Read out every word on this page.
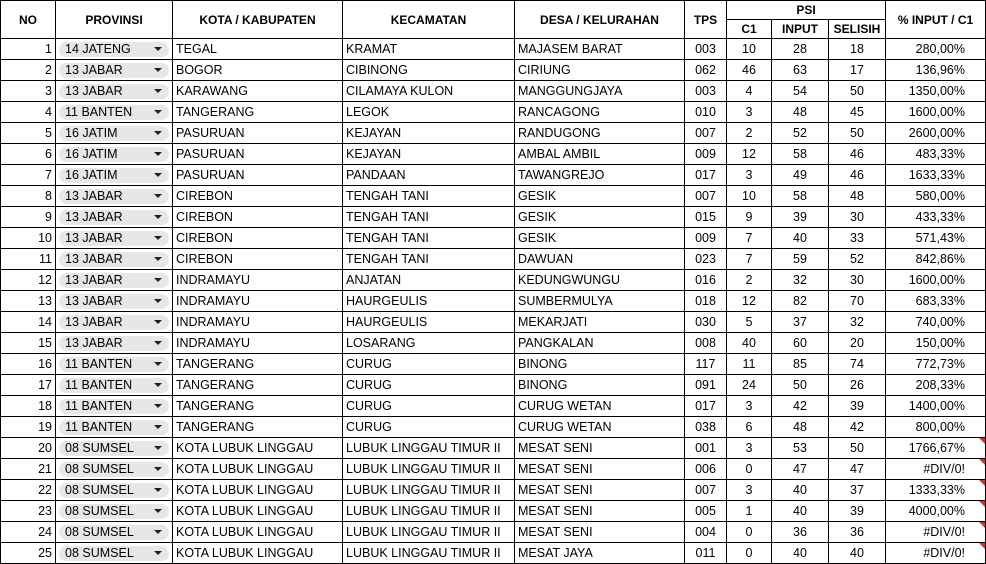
NO	PROVINSI	KOTA / KABUPATEN	KECAMATAN	DESA / KELURAHAN	TPS	PSI			% INPUT / C1
						C1	INPUT	SELISIH	
1	14 JATENG	TEGAL	KRAMAT	MAJASEM BARAT	003	10	28	18	280,00%
2	13 JABAR	BOGOR	CIBINONG	CIRIUNG	062	46	63	17	136,96%
3	13 JABAR	KARAWANG	CILAMAYA KULON	MANGGUNGJAYA	003	4	54	50	1350,00%
4	11 BANTEN	TANGERANG	LEGOK	RANCAGONG	010	3	48	45	1600,00%
5	16 JATIM	PASURUAN	KEJAYAN	RANDUGONG	007	2	52	50	2600,00%
6	16 JATIM	PASURUAN	KEJAYAN	AMBAL AMBIL	009	12	58	46	483,33%
7	16 JATIM	PASURUAN	PANDAAN	TAWANGREJO	017	3	49	46	1633,33%
8	13 JABAR	CIREBON	TENGAH TANI	GESIK	007	10	58	48	580,00%
9	13 JABAR	CIREBON	TENGAH TANI	GESIK	015	9	39	30	433,33%
10	13 JABAR	CIREBON	TENGAH TANI	GESIK	009	7	40	33	571,43%
11	13 JABAR	CIREBON	TENGAH TANI	DAWUAN	023	7	59	52	842,86%
12	13 JABAR	INDRAMAYU	ANJATAN	KEDUNGWUNGU	016	2	32	30	1600,00%
13	13 JABAR	INDRAMAYU	HAURGEULIS	SUMBERMULYA	018	12	82	70	683,33%
14	13 JABAR	INDRAMAYU	HAURGEULIS	MEKARJATI	030	5	37	32	740,00%
15	13 JABAR	INDRAMAYU	LOSARANG	PANGKALAN	008	40	60	20	150,00%
16	11 BANTEN	TANGERANG	CURUG	BINONG	117	11	85	74	772,73%
17	11 BANTEN	TANGERANG	CURUG	BINONG	091	24	50	26	208,33%
18	11 BANTEN	TANGERANG	CURUG	CURUG WETAN	017	3	42	39	1400,00%
19	11 BANTEN	TANGERANG	CURUG	CURUG WETAN	038	6	48	42	800,00%
20	08 SUMSEL	KOTA LUBUK LINGGAU	LUBUK LINGGAU TIMUR II	MESAT SENI	001	3	53	50	1766,67%
21	08 SUMSEL	KOTA LUBUK LINGGAU	LUBUK LINGGAU TIMUR II	MESAT SENI	006	0	47	47	#DIV/0!
22	08 SUMSEL	KOTA LUBUK LINGGAU	LUBUK LINGGAU TIMUR II	MESAT SENI	007	3	40	37	1333,33%
23	08 SUMSEL	KOTA LUBUK LINGGAU	LUBUK LINGGAU TIMUR II	MESAT SENI	005	1	40	39	4000,00%
24	08 SUMSEL	KOTA LUBUK LINGGAU	LUBUK LINGGAU TIMUR II	MESAT SENI	004	0	36	36	#DIV/0!
25	08 SUMSEL	KOTA LUBUK LINGGAU	LUBUK LINGGAU TIMUR II	MESAT JAYA	011	0	40	40	#DIV/0!
